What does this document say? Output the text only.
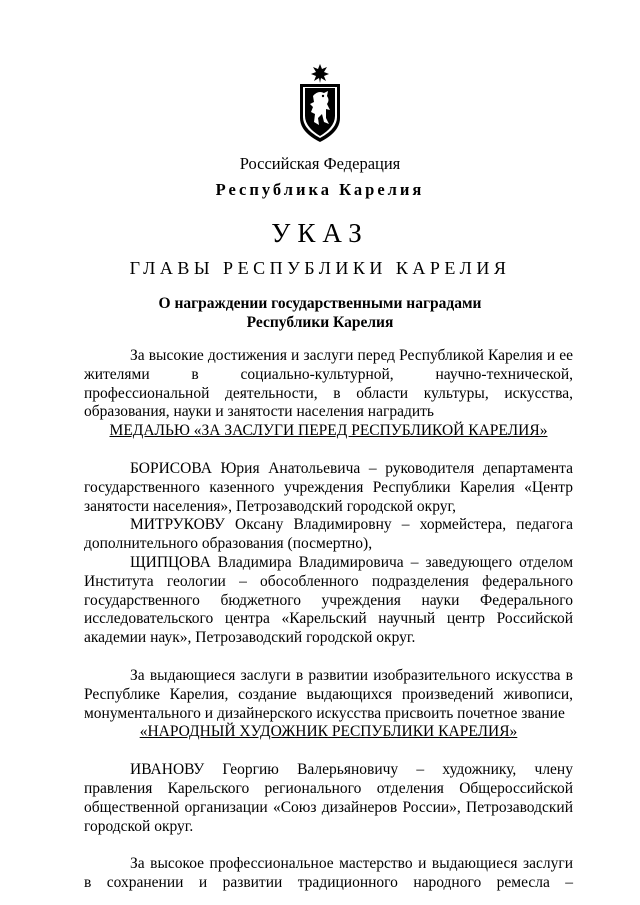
Российская Федерация
Республика Карелия
УКАЗ
ГЛАВЫ РЕСПУБЛИКИ КАРЕЛИЯ
О награждении государственными наградами
Республики Карелия

За высокие достижения и заслуги перед Республикой Карелия и ее жителями в социально-культурной, научно-технической, профессиональной деятельности, в области культуры, искусства, образования, науки и занятости населения наградить

МЕДАЛЬЮ «ЗА ЗАСЛУГИ ПЕРЕД РЕСПУБЛИКОЙ КАРЕЛИЯ»

БОРИСОВА Юрия Анатольевича – руководителя департамента государственного казенного учреждения Республики Карелия «Центр занятости населения», Петрозаводский городской округ,

МИТРУКОВУ Оксану Владимировну – хормейстера, педагога дополнительного образования (посмертно),

ЩИПЦОВА Владимира Владимировича – заведующего отделом Института геологии – обособленного подразделения федерального государственного бюджетного учреждения науки Федерального исследовательского центра «Карельский научный центр Российской академии наук», Петрозаводский городской округ.

За выдающиеся заслуги в развитии изобразительного искусства в Республике Карелия, создание выдающихся произведений живописи, монументального и дизайнерского искусства присвоить почетное звание

«НАРОДНЫЙ ХУДОЖНИК РЕСПУБЛИКИ КАРЕЛИЯ»

ИВАНОВУ Георгию Валерьяновичу – художнику, члену правления Карельского регионального отделения Общероссийской общественной организации «Союз дизайнеров России», Петрозаводский городской округ.

За высокое профессиональное мастерство и выдающиеся заслуги в сохранении и развитии традиционного народного ремесла –
